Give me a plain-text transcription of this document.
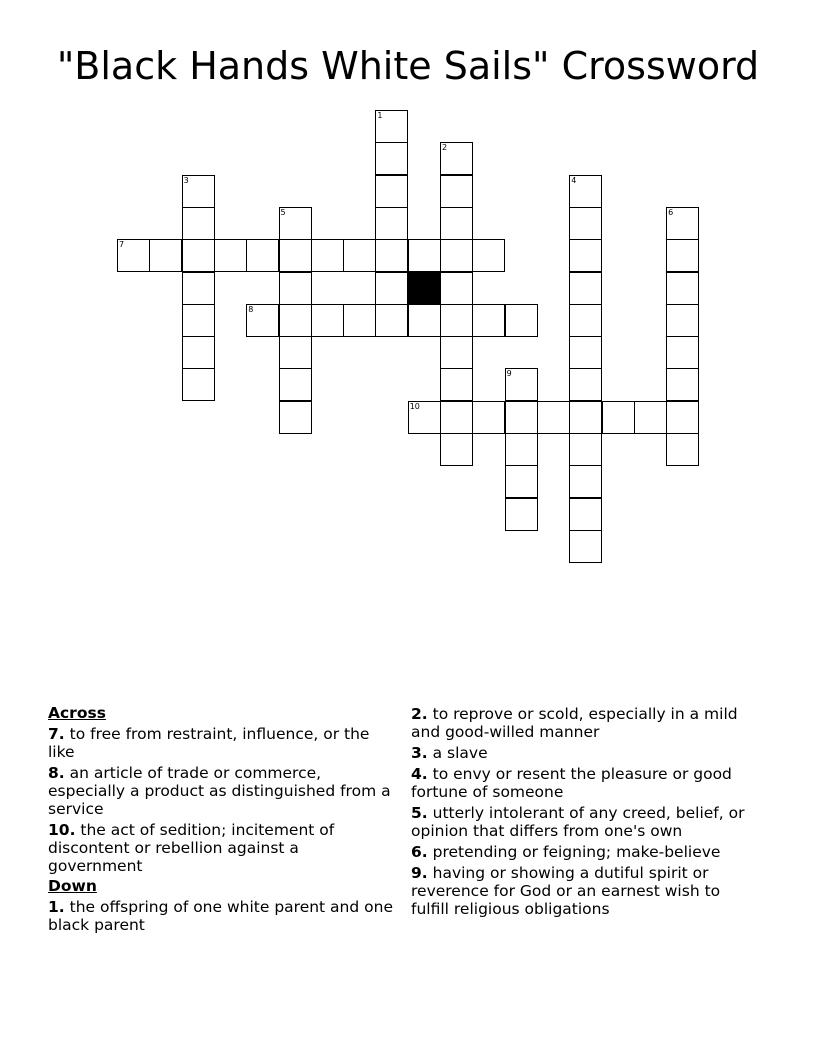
"Black Hands White Sails" Crossword
1
2
3	4
5	6
7
8
9
10
Across
7. to free from restraint, influence, or the like
8. an article of trade or commerce, especially a product as distinguished from a service
10. the act of sedition; incitement of discontent or rebellion against a government
Down
1. the offspring of one white parent and one black parent
2. to reprove or scold, especially in a mild and good-willed manner
3. a slave
4. to envy or resent the pleasure or good fortune of someone
5. utterly intolerant of any creed, belief, or opinion that differs from one's own
6. pretending or feigning; make-believe
9. having or showing a dutiful spirit or reverence for God or an earnest wish to fulfill religious obligations
